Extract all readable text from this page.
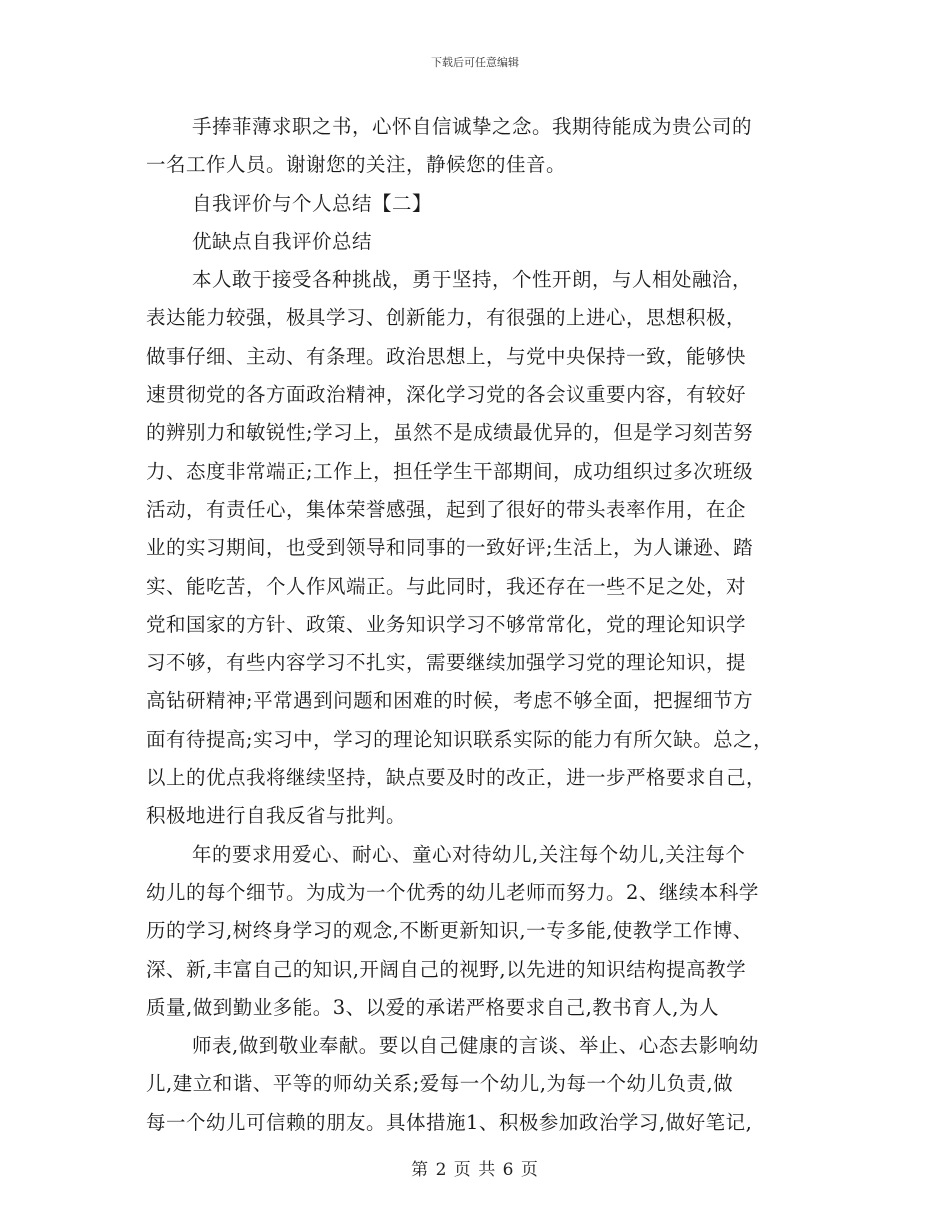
下载后可任意编辑

手捧菲薄求职之书，心怀自信诚挚之念。我期待能成为贵公司的
一名工作人员。谢谢您的关注，静候您的佳音。

自我评价与个人总结【二】

优缺点自我评价总结

本人敢于接受各种挑战，勇于坚持，个性开朗，与人相处融洽，
表达能力较强，极具学习、创新能力，有很强的上进心，思想积极，
做事仔细、主动、有条理。政治思想上，与党中央保持一致，能够快
速贯彻党的各方面政治精神，深化学习党的各会议重要内容，有较好
的辨别力和敏锐性;学习上，虽然不是成绩最优异的，但是学习刻苦努
力、态度非常端正;工作上，担任学生干部期间，成功组织过多次班级
活动，有责任心，集体荣誉感强，起到了很好的带头表率作用，在企
业的实习期间，也受到领导和同事的一致好评;生活上，为人谦逊、踏
实、能吃苦，个人作风端正。与此同时，我还存在一些不足之处，对
党和国家的方针、政策、业务知识学习不够常常化，党的理论知识学
习不够，有些内容学习不扎实，需要继续加强学习党的理论知识，提
高钻研精神;平常遇到问题和困难的时候，考虑不够全面，把握细节方
面有待提高;实习中，学习的理论知识联系实际的能力有所欠缺。总之，
以上的优点我将继续坚持，缺点要及时的改正，进一步严格要求自己，
积极地进行自我反省与批判。

年的要求用爱心、耐心、童心对待幼儿,关注每个幼儿,关注每个
幼儿的每个细节。为成为一个优秀的幼儿老师而努力。2、继续本科学
历的学习,树终身学习的观念,不断更新知识,一专多能,使教学工作博、
深、新,丰富自己的知识,开阔自己的视野,以先进的知识结构提高教学
质量,做到勤业多能。3、以爱的承诺严格要求自己,教书育人,为人

师表,做到敬业奉献。要以自己健康的言谈、举止、心态去影响幼
儿,建立和谐、平等的师幼关系;爱每一个幼儿,为每一个幼儿负责,做
每一个幼儿可信赖的朋友。具体措施1、积极参加政治学习,做好笔记,

第 2 页 共 6 页
